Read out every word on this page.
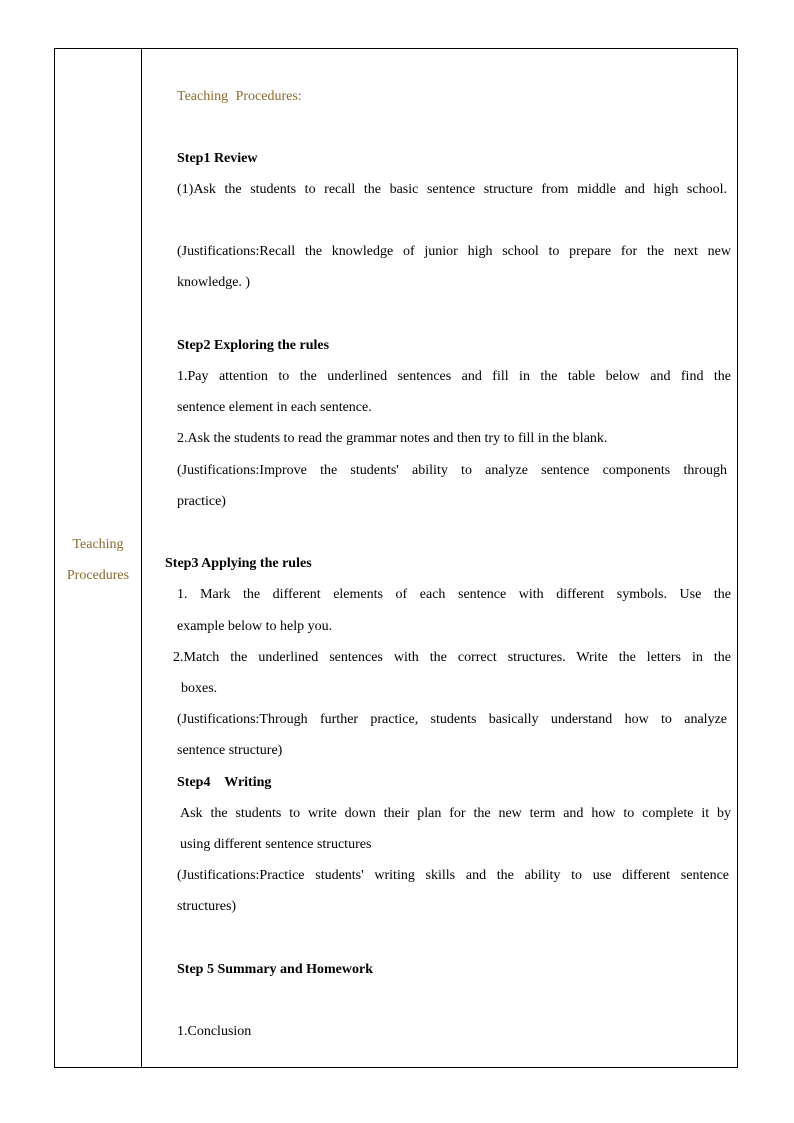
Teaching
Procedures
Teaching Procedures:
Step1 Review
(1)Ask the students to recall the basic sentence structure from middle and high school.
(Justifications:Recall the knowledge of junior high school to prepare for the next new
knowledge. )
Step2 Exploring the rules
1.Pay attention to the underlined sentences and fill in the table below and find the
sentence element in each sentence.
2.Ask the students to read the grammar notes and then try to fill in the blank.
(Justifications:Improve the students' ability to analyze sentence components through
practice)
Step3 Applying the rules
1. Mark the different elements of each sentence with different symbols. Use the
example below to help you.
2.Match the underlined sentences with the correct structures. Write the letters in the
boxes.
(Justifications:Through further practice, students basically understand how to analyze
sentence structure)
Step4    Writing
Ask the students to write down their plan for the new term and how to complete it by
using different sentence structures
(Justifications:Practice students' writing skills and the ability to use different sentence
structures)
Step 5 Summary and Homework
1.Conclusion
